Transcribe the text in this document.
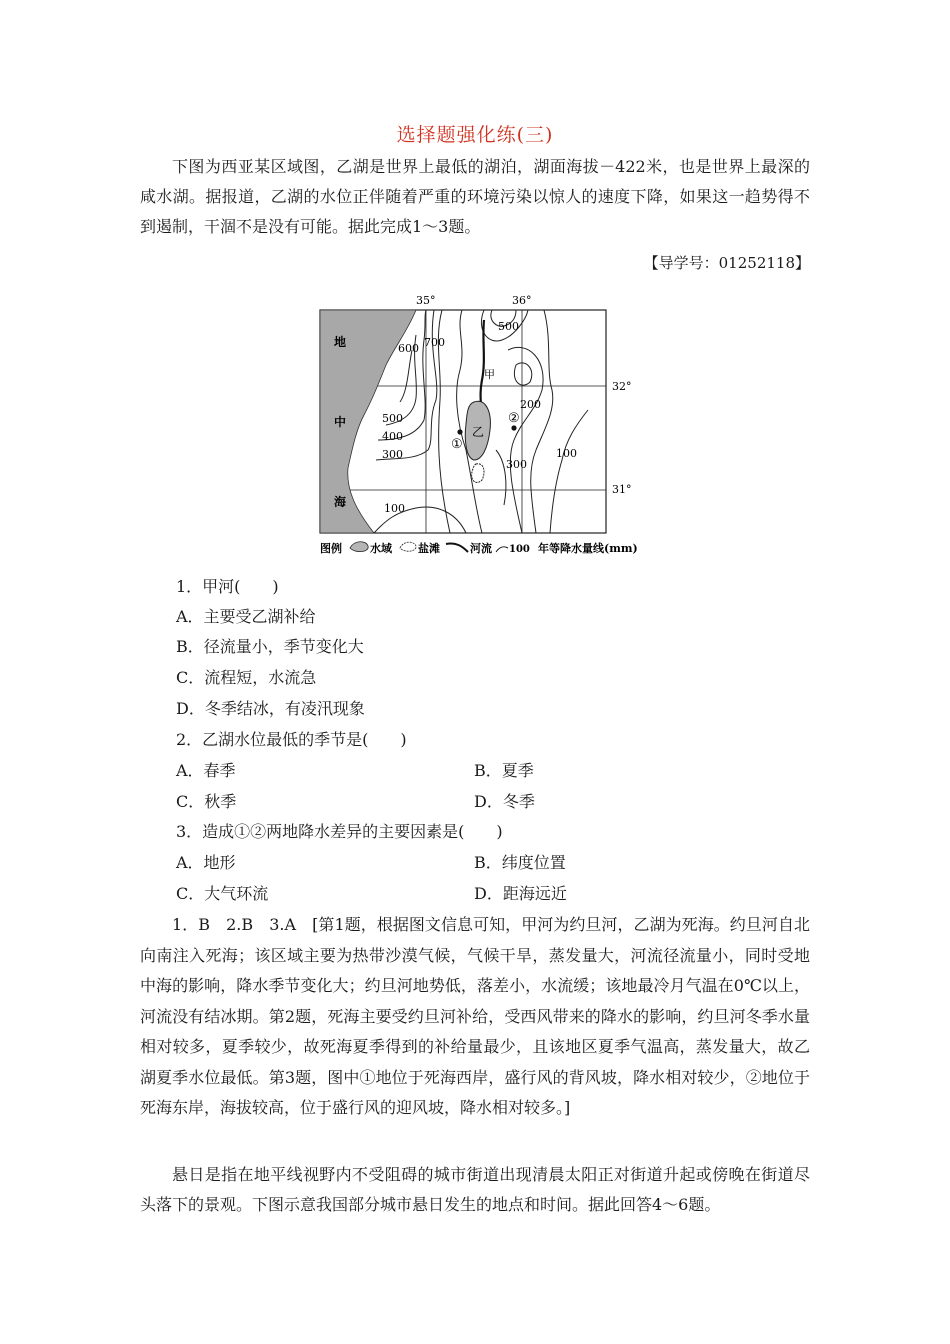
选择题强化练(三)

下图为西亚某区域图，乙湖是世界上最低的湖泊，湖面海拔－422米，也是世界上最深的咸水湖。据报道，乙湖的水位正伴随着严重的环境污染以惊人的速度下降，如果这一趋势得不到遏制，干涸不是没有可能。据此完成1～3题。

【导学号：01252118】
35°	36°
32°
31°
地
中
海
600 700
500
500
400
300
200
100
300
100
甲
乙
①
②
图例	水域 盐滩	河流 100 年等降水量线(mm)
1．甲河(　　)
A．主要受乙湖补给
B．径流量小，季节变化大
C．流程短，水流急
D．冬季结冰，有凌汛现象
2．乙湖水位最低的季节是(　　)
A．春季	B．夏季
C．秋季	D．冬季
3．造成①②两地降水差异的主要因素是(　　)
A．地形	B．纬度位置
C．大气环流	D．距海远近

1．B　2.B　3.A　[第1题，根据图文信息可知，甲河为约旦河，乙湖为死海。约旦河自北向南注入死海；该区域主要为热带沙漠气候，气候干旱，蒸发量大，河流径流量小，同时受地中海的影响，降水季节变化大；约旦河地势低，落差小，水流缓；该地最冷月气温在0℃以上，河流没有结冰期。第2题，死海主要受约旦河补给，受西风带来的降水的影响，约旦河冬季水量相对较多，夏季较少，故死海夏季得到的补给量最少，且该地区夏季气温高，蒸发量大，故乙湖夏季水位最低。第3题，图中①地位于死海西岸，盛行风的背风坡，降水相对较少，②地位于死海东岸，海拔较高，位于盛行风的迎风坡，降水相对较多。]

悬日是指在地平线视野内不受阻碍的城市街道出现清晨太阳正对街道升起或傍晚在街道尽头落下的景观。下图示意我国部分城市悬日发生的地点和时间。据此回答4～6题。
